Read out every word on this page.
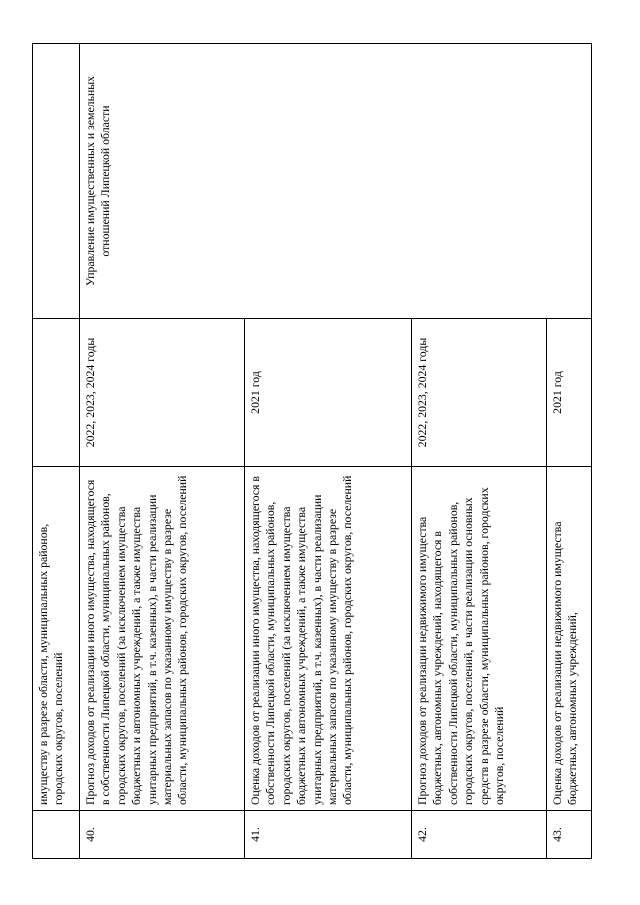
	имуществу в разрезе области, муниципальных районов, городских округов, поселений		
40.	Прогноз доходов от реализации иного имущества, находящегося в собственности Липецкой области, муниципальных районов, городских округов, поселений (за исключением имущества бюджетных и автономных учреждений, а также имущества унитарных предприятий, в т.ч. казенных), в части реализации материальных запасов по указанному имуществу в разрезе области, муниципальных районов, городских округов, поселений	2022, 2023, 2024 годы	Управление имущественных и земельных отношений Липецкой области
41.	Оценка доходов от реализации иного имущества, находящегося в собственности Липецкой области, муниципальных районов, городских округов, поселений (за исключением имущества бюджетных и автономных учреждений, а также имущества унитарных предприятий, в т.ч. казенных), в части реализации материальных запасов по указанному имуществу в разрезе области, муниципальных районов, городских округов, поселений	2021 год	
42.	Прогноз доходов от реализации недвижимого имущества бюджетных, автономных учреждений, находящегося в собственности Липецкой области, муниципальных районов, городских округов, поселений, в части реализации основных средств в разрезе области, муниципальных районов, городских округов, поселений	2022, 2023, 2024 годы	
43.	Оценка доходов от реализации недвижимого имущества бюджетных, автономных учреждений,	2021 год	
